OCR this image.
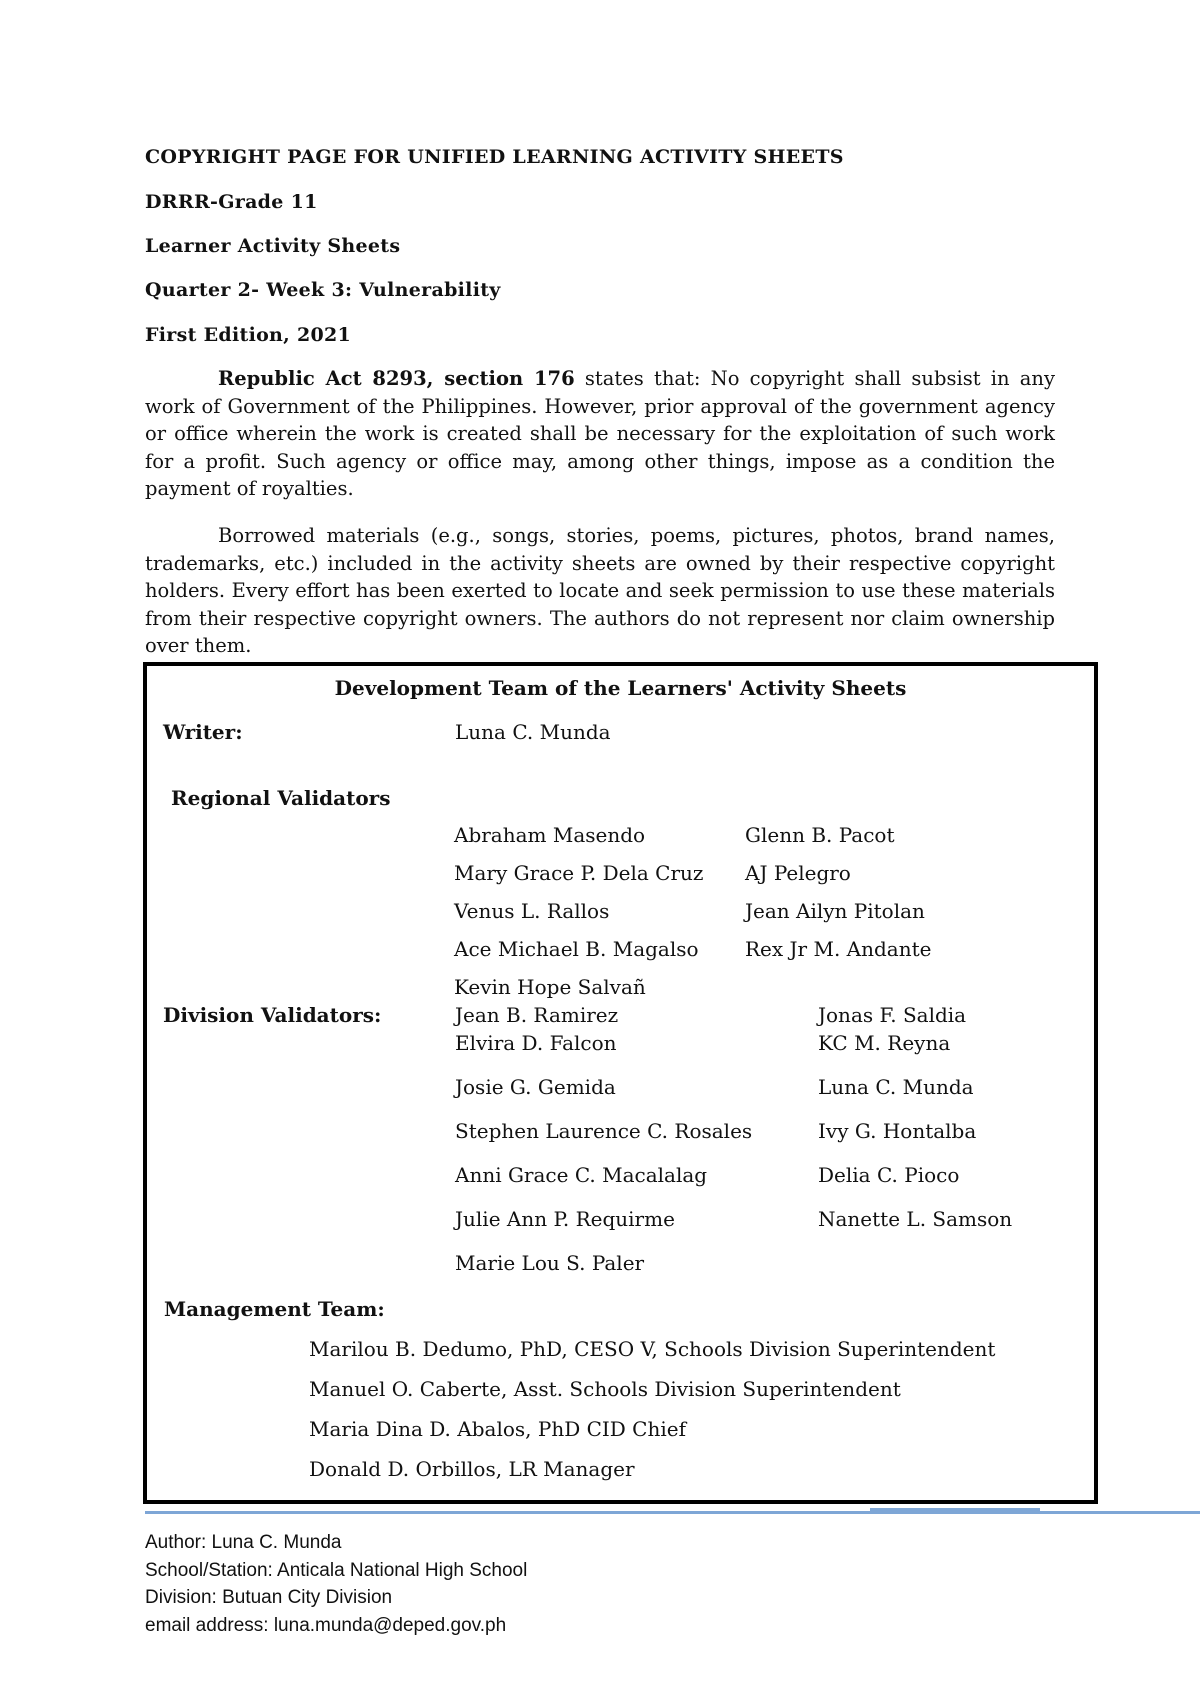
COPYRIGHT PAGE FOR UNIFIED LEARNING ACTIVITY SHEETS
DRRR-Grade 11
Learner Activity Sheets
Quarter 2- Week 3: Vulnerability
First Edition, 2021
Republic Act 8293, section 176 states that: No copyright shall subsist in any work of Government of the Philippines. However, prior approval of the government agency or office wherein the work is created shall be necessary for the exploitation of such work for a profit. Such agency or office may, among other things, impose as a condition the payment of royalties.
Borrowed materials (e.g., songs, stories, poems, pictures, photos, brand names, trademarks, etc.) included in the activity sheets are owned by their respective copyright holders. Every effort has been exerted to locate and seek permission to use these materials from their respective copyright owners. The authors do not represent nor claim ownership over them.
Development Team of the Learners' Activity Sheets
Writer:	Luna C. Munda
Regional Validators
Abraham Masendo
Mary Grace P. Dela Cruz
Venus L. Rallos
Ace Michael B. Magalso
Kevin Hope Salvañ
Glenn B. Pacot
AJ Pelegro
Jean Ailyn Pitolan
Rex Jr M. Andante
Division Validators:	Jean B. Ramirez
Elvira D. Falcon
Josie G. Gemida
Stephen Laurence C. Rosales
Anni Grace C. Macalalag
Julie Ann P. Requirme
Marie Lou S. Paler
Jonas F. Saldia
KC M. Reyna
Luna C. Munda
Ivy G. Hontalba
Delia C. Pioco
Nanette L. Samson
Management Team:
Marilou B. Dedumo, PhD, CESO V, Schools Division Superintendent
Manuel O. Caberte, Asst. Schools Division Superintendent
Maria Dina D. Abalos, PhD CID Chief
Donald D. Orbillos, LR Manager
Author: Luna C. Munda
School/Station: Anticala National High School
Division: Butuan City Division
email address: luna.munda@deped.gov.ph
